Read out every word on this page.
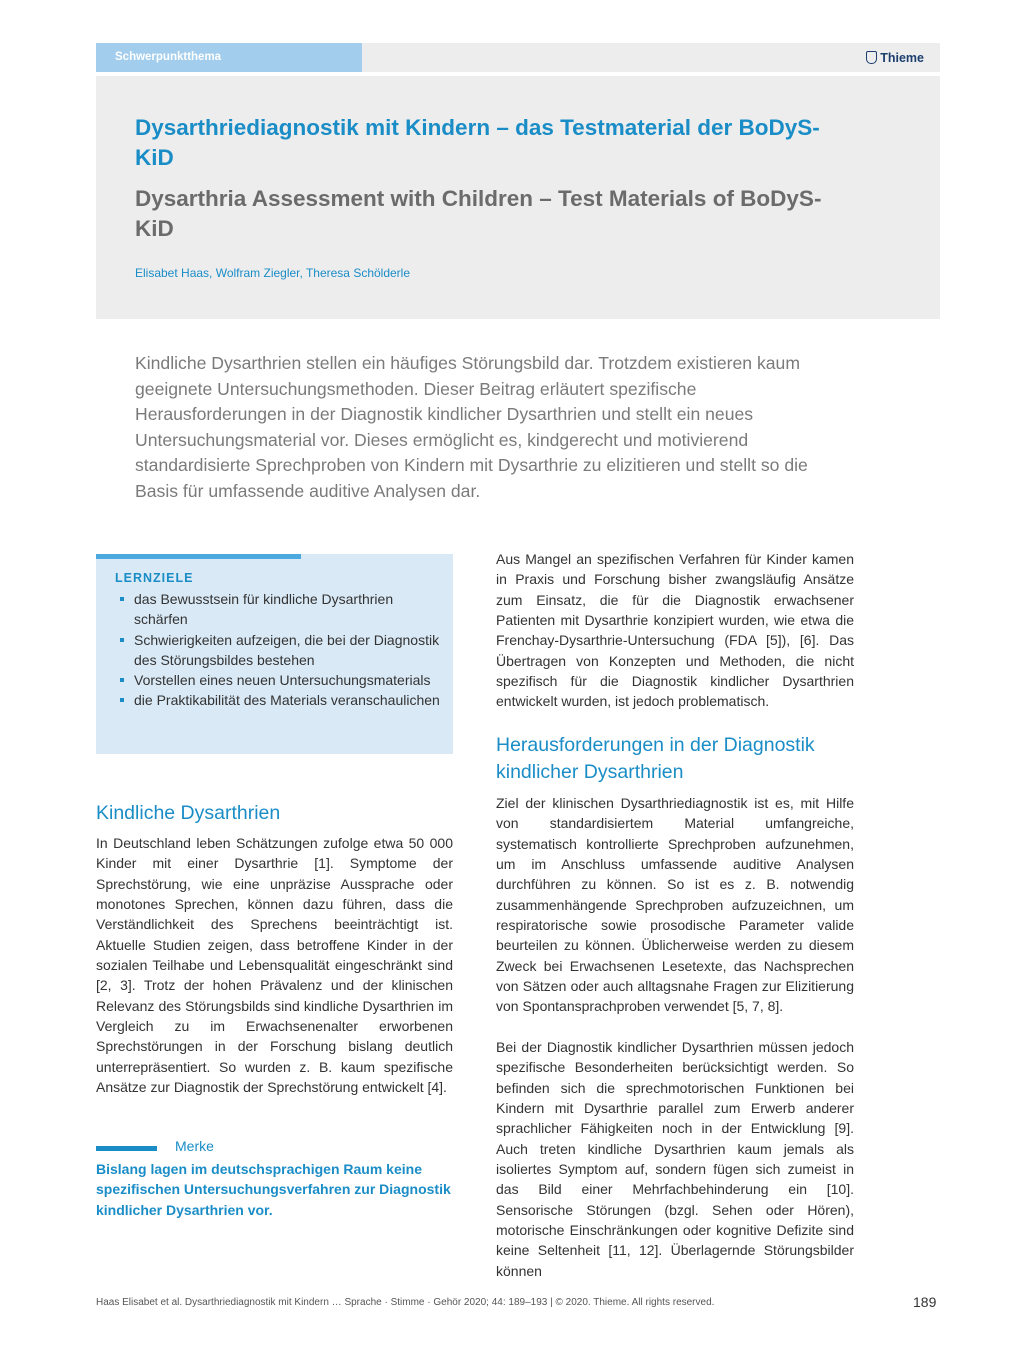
Schwerpunktthema	Thieme
Dysarthriediagnostik mit Kindern – das Testmaterial der BoDyS-KiD
Dysarthria Assessment with Children – Test Materials of BoDyS-KiD
Elisabet Haas, Wolfram Ziegler, Theresa Schölderle
Kindliche Dysarthrien stellen ein häufiges Störungsbild dar. Trotzdem existieren kaum geeignete Untersuchungsmethoden. Dieser Beitrag erläutert spezifische Herausforderungen in der Diagnostik kindlicher Dysarthrien und stellt ein neues Untersuchungsmaterial vor. Dieses ermöglicht es, kindgerecht und motivierend standardisierte Sprechproben von Kindern mit Dysarthrie zu elizitieren und stellt so die Basis für umfassende auditive Analysen dar.
LERNZIELE
das Bewusstsein für kindliche Dysarthrien schärfen
Schwierigkeiten aufzeigen, die bei der Diagnostik des Störungsbildes bestehen
Vorstellen eines neuen Untersuchungsmaterials
die Praktikabilität des Materials veranschaulichen
Kindliche Dysarthrien
In Deutschland leben Schätzungen zufolge etwa 50 000 Kinder mit einer Dysarthrie [1]. Symptome der Sprechstörung, wie eine unpräzise Aussprache oder monotones Sprechen, können dazu führen, dass die Verständlichkeit des Sprechens beeinträchtigt ist. Aktuelle Studien zeigen, dass betroffene Kinder in der sozialen Teilhabe und Lebensqualität eingeschränkt sind [2, 3]. Trotz der hohen Prävalenz und der klinischen Relevanz des Störungsbilds sind kindliche Dysarthrien im Vergleich zu im Erwachsenenalter erworbenen Sprechstörungen in der Forschung bislang deutlich unterrepräsentiert. So wurden z. B. kaum spezifische Ansätze zur Diagnostik der Sprechstörung entwickelt [4].
Merke
Bislang lagen im deutschsprachigen Raum keine spezifischen Untersuchungsverfahren zur Diagnostik kindlicher Dysarthrien vor.
Aus Mangel an spezifischen Verfahren für Kinder kamen in Praxis und Forschung bisher zwangsläufig Ansätze zum Einsatz, die für die Diagnostik erwachsener Patienten mit Dysarthrie konzipiert wurden, wie etwa die Frenchay-Dysarthrie-Untersuchung (FDA [5]), [6]. Das Übertragen von Konzepten und Methoden, die nicht spezifisch für die Diagnostik kindlicher Dysarthrien entwickelt wurden, ist jedoch problematisch.
Herausforderungen in der Diagnostik kindlicher Dysarthrien
Ziel der klinischen Dysarthriediagnostik ist es, mit Hilfe von standardisiertem Material umfangreiche, systematisch kontrollierte Sprechproben aufzunehmen, um im Anschluss umfassende auditive Analysen durchführen zu können. So ist es z. B. notwendig zusammenhängende Sprechproben aufzuzeichnen, um respiratorische sowie prosodische Parameter valide beurteilen zu können. Üblicherweise werden zu diesem Zweck bei Erwachsenen Lesetexte, das Nachsprechen von Sätzen oder auch alltagsnahe Fragen zur Elizitierung von Spontansprachproben verwendet [5, 7, 8].
Bei der Diagnostik kindlicher Dysarthrien müssen jedoch spezifische Besonderheiten berücksichtigt werden. So befinden sich die sprechmotorischen Funktionen bei Kindern mit Dysarthrie parallel zum Erwerb anderer sprachlicher Fähigkeiten noch in der Entwicklung [9]. Auch treten kindliche Dysarthrien kaum jemals als isoliertes Symptom auf, sondern fügen sich zumeist in das Bild einer Mehrfachbehinderung ein [10]. Sensorische Störungen (bzgl. Sehen oder Hören), motorische Einschränkungen oder kognitive Defizite sind keine Seltenheit [11, 12]. Überlagernde Störungsbilder können
Haas Elisabet et al. Dysarthriediagnostik mit Kindern … Sprache · Stimme · Gehör 2020; 44: 189–193 | © 2020. Thieme. All rights reserved.	189
